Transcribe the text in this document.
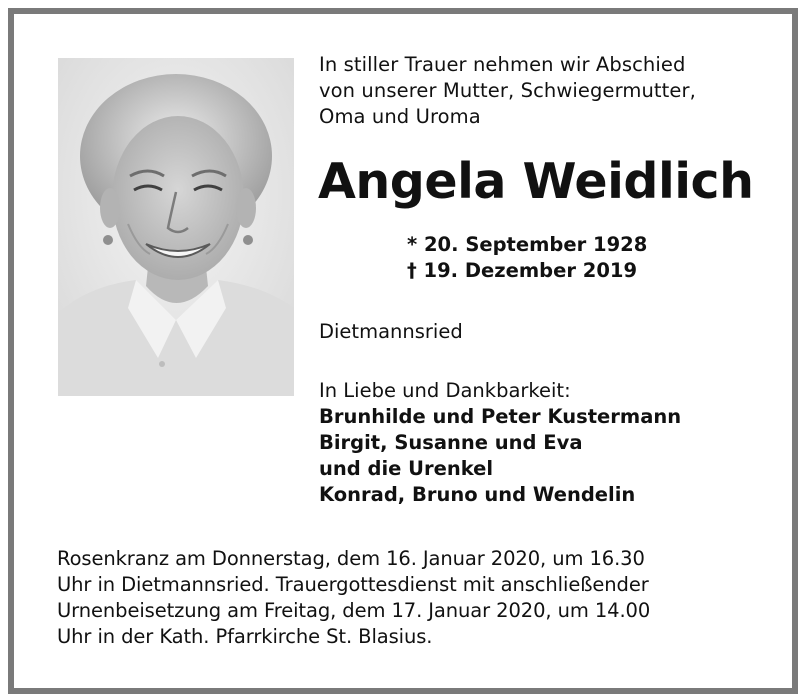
In stiller Trauer nehmen wir Abschied
von unserer Mutter, Schwiegermutter,
Oma und Uroma
Angela Weidlich
* 20. September 1928
† 19. Dezember 2019
Dietmannsried
In Liebe und Dankbarkeit:
Brunhilde und Peter Kustermann
Birgit, Susanne und Eva
und die Urenkel
Konrad, Bruno und Wendelin
Rosenkranz am Donnerstag, dem 16. Januar 2020, um 16.30
Uhr in Dietmannsried. Trauergottesdienst mit anschließender
Urnenbeisetzung am Freitag, dem 17. Januar 2020, um 14.00
Uhr in der Kath. Pfarrkirche St. Blasius.
